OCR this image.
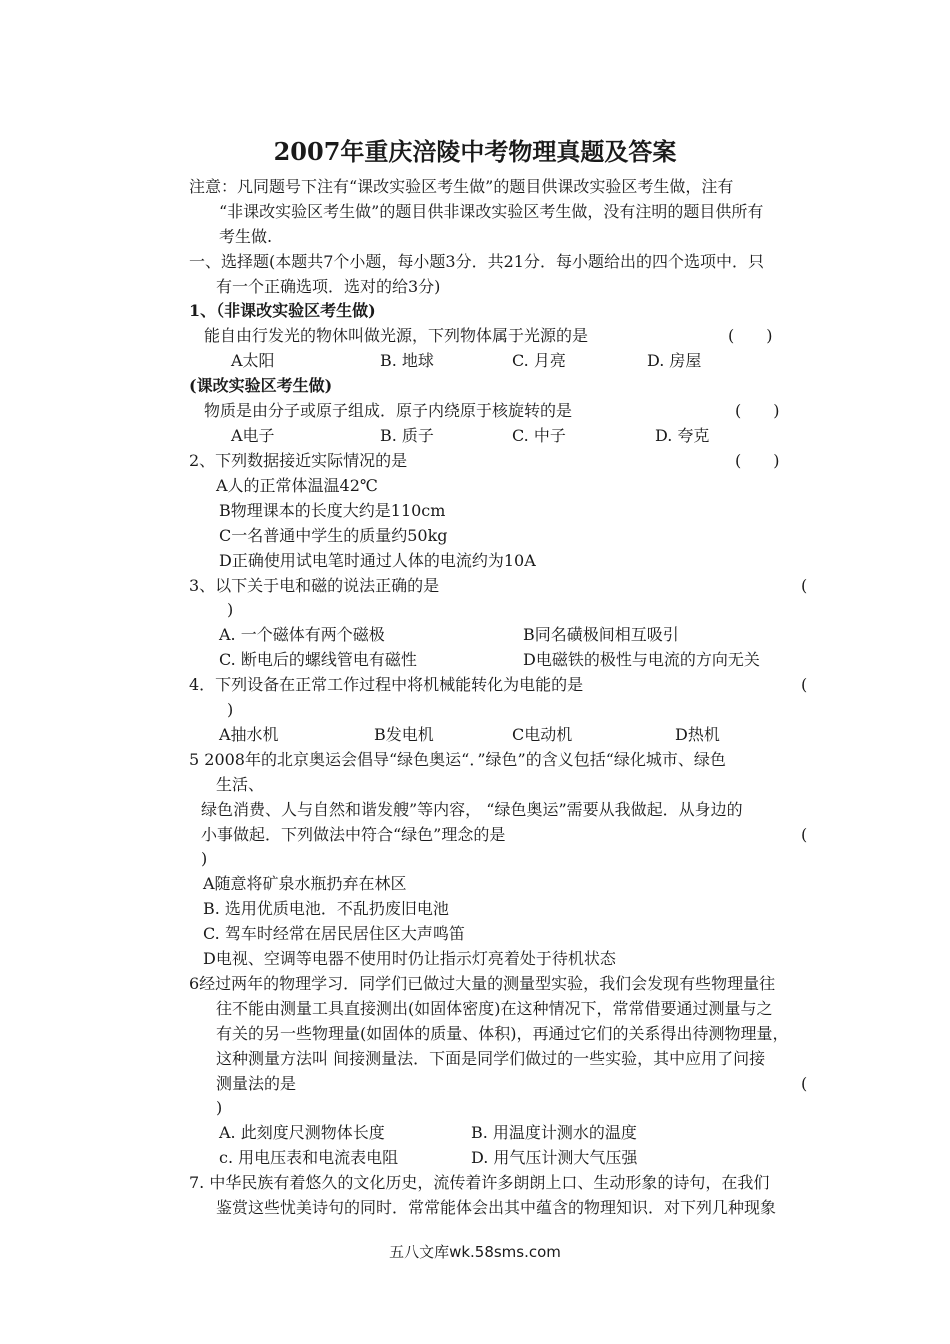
2007年重庆涪陵中考物理真题及答案
注意：凡同题号下注有“课改实验区考生做”的题目供课改实验区考生做，注有
“非课改实验区考生做”的题目供非课改实验区考生做，没有注明的题目供所有
考生做.
一、选择题(本题共7个小题，每小题3分．共21分．每小题给出的四个选项中．只
有一个正确选项．选对的给3分)
1、（非课改实验区考生做)
能自由行发光的物休叫做光源，下列物体属于光源的是	(　　)
A太阳	B. 地球	C. 月亮	D. 房屋
(课改实验区考生做)
物质是由分子或原子组成．原子内绕原于核旋转的是	(　　)
A电子	B. 质子	C. 中子	D. 夸克
2、下列数据接近实际情况的是	(　　)
A人的正常体温温42℃
B物理课本的长度大约是110cm
C一名普通中学生的质量约50kg
D正确使用试电笔时通过人体的电流约为10A
3、以下关于电和磁的说法正确的是	(
)
A. 一个磁体有两个磁极	B同名磺极间相互吸引
C. 断电后的螺线管电有磁性	D电磁铁的极性与电流的方向无关
4．下列设备在正常工作过程中将机械能转化为电能的是	(
)
A抽水机	B发电机	C电动机	D热机
5 2008年的北京奥运会倡导“绿色奥运“．”绿色”的含义包括“绿化城市、绿色
生活、
绿色消费、人与自然和谐发艘”等内容， “绿色奥运”需要从我做起．从身边的
小事做起．下列做法中符合“绿色”理念的是	(
)
A随意将矿泉水瓶扔弃在林区
B. 选用优质电池．不乱扔废旧电池
C. 驾车时经常在居民居住区大声鸣笛
D电视、空调等电器不使用时仍让指示灯亮着处于待机状态
6经过两年的物理学习．同学们已做过大量的测量型实验，我们会发现有些物理量往
往不能由测量工具直接测出(如固体密度)在这种情况下，常常借要通过测量与之
有关的另一些物理量(如固体的质量、体积)，再通过它们的关系得出待测物理量，
这种测量方法叫 间接测量法．下面是同学们做过的一些实验，其中应用了问接
测量法的是	(
)
A. 此刻度尺测物体长度	B. 用温度计测水的温度
c. 用电压表和电流表电阻	D. 用气压计测大气压强
7. 中华民族有着悠久的文化历史，流传着许多朗朗上口、生动形象的诗句，在我们
鉴赏这些忧美诗句的同时．常常能体会出其中蕴含的物理知识．对下列几种现象
五八文库wk.58sms.com
